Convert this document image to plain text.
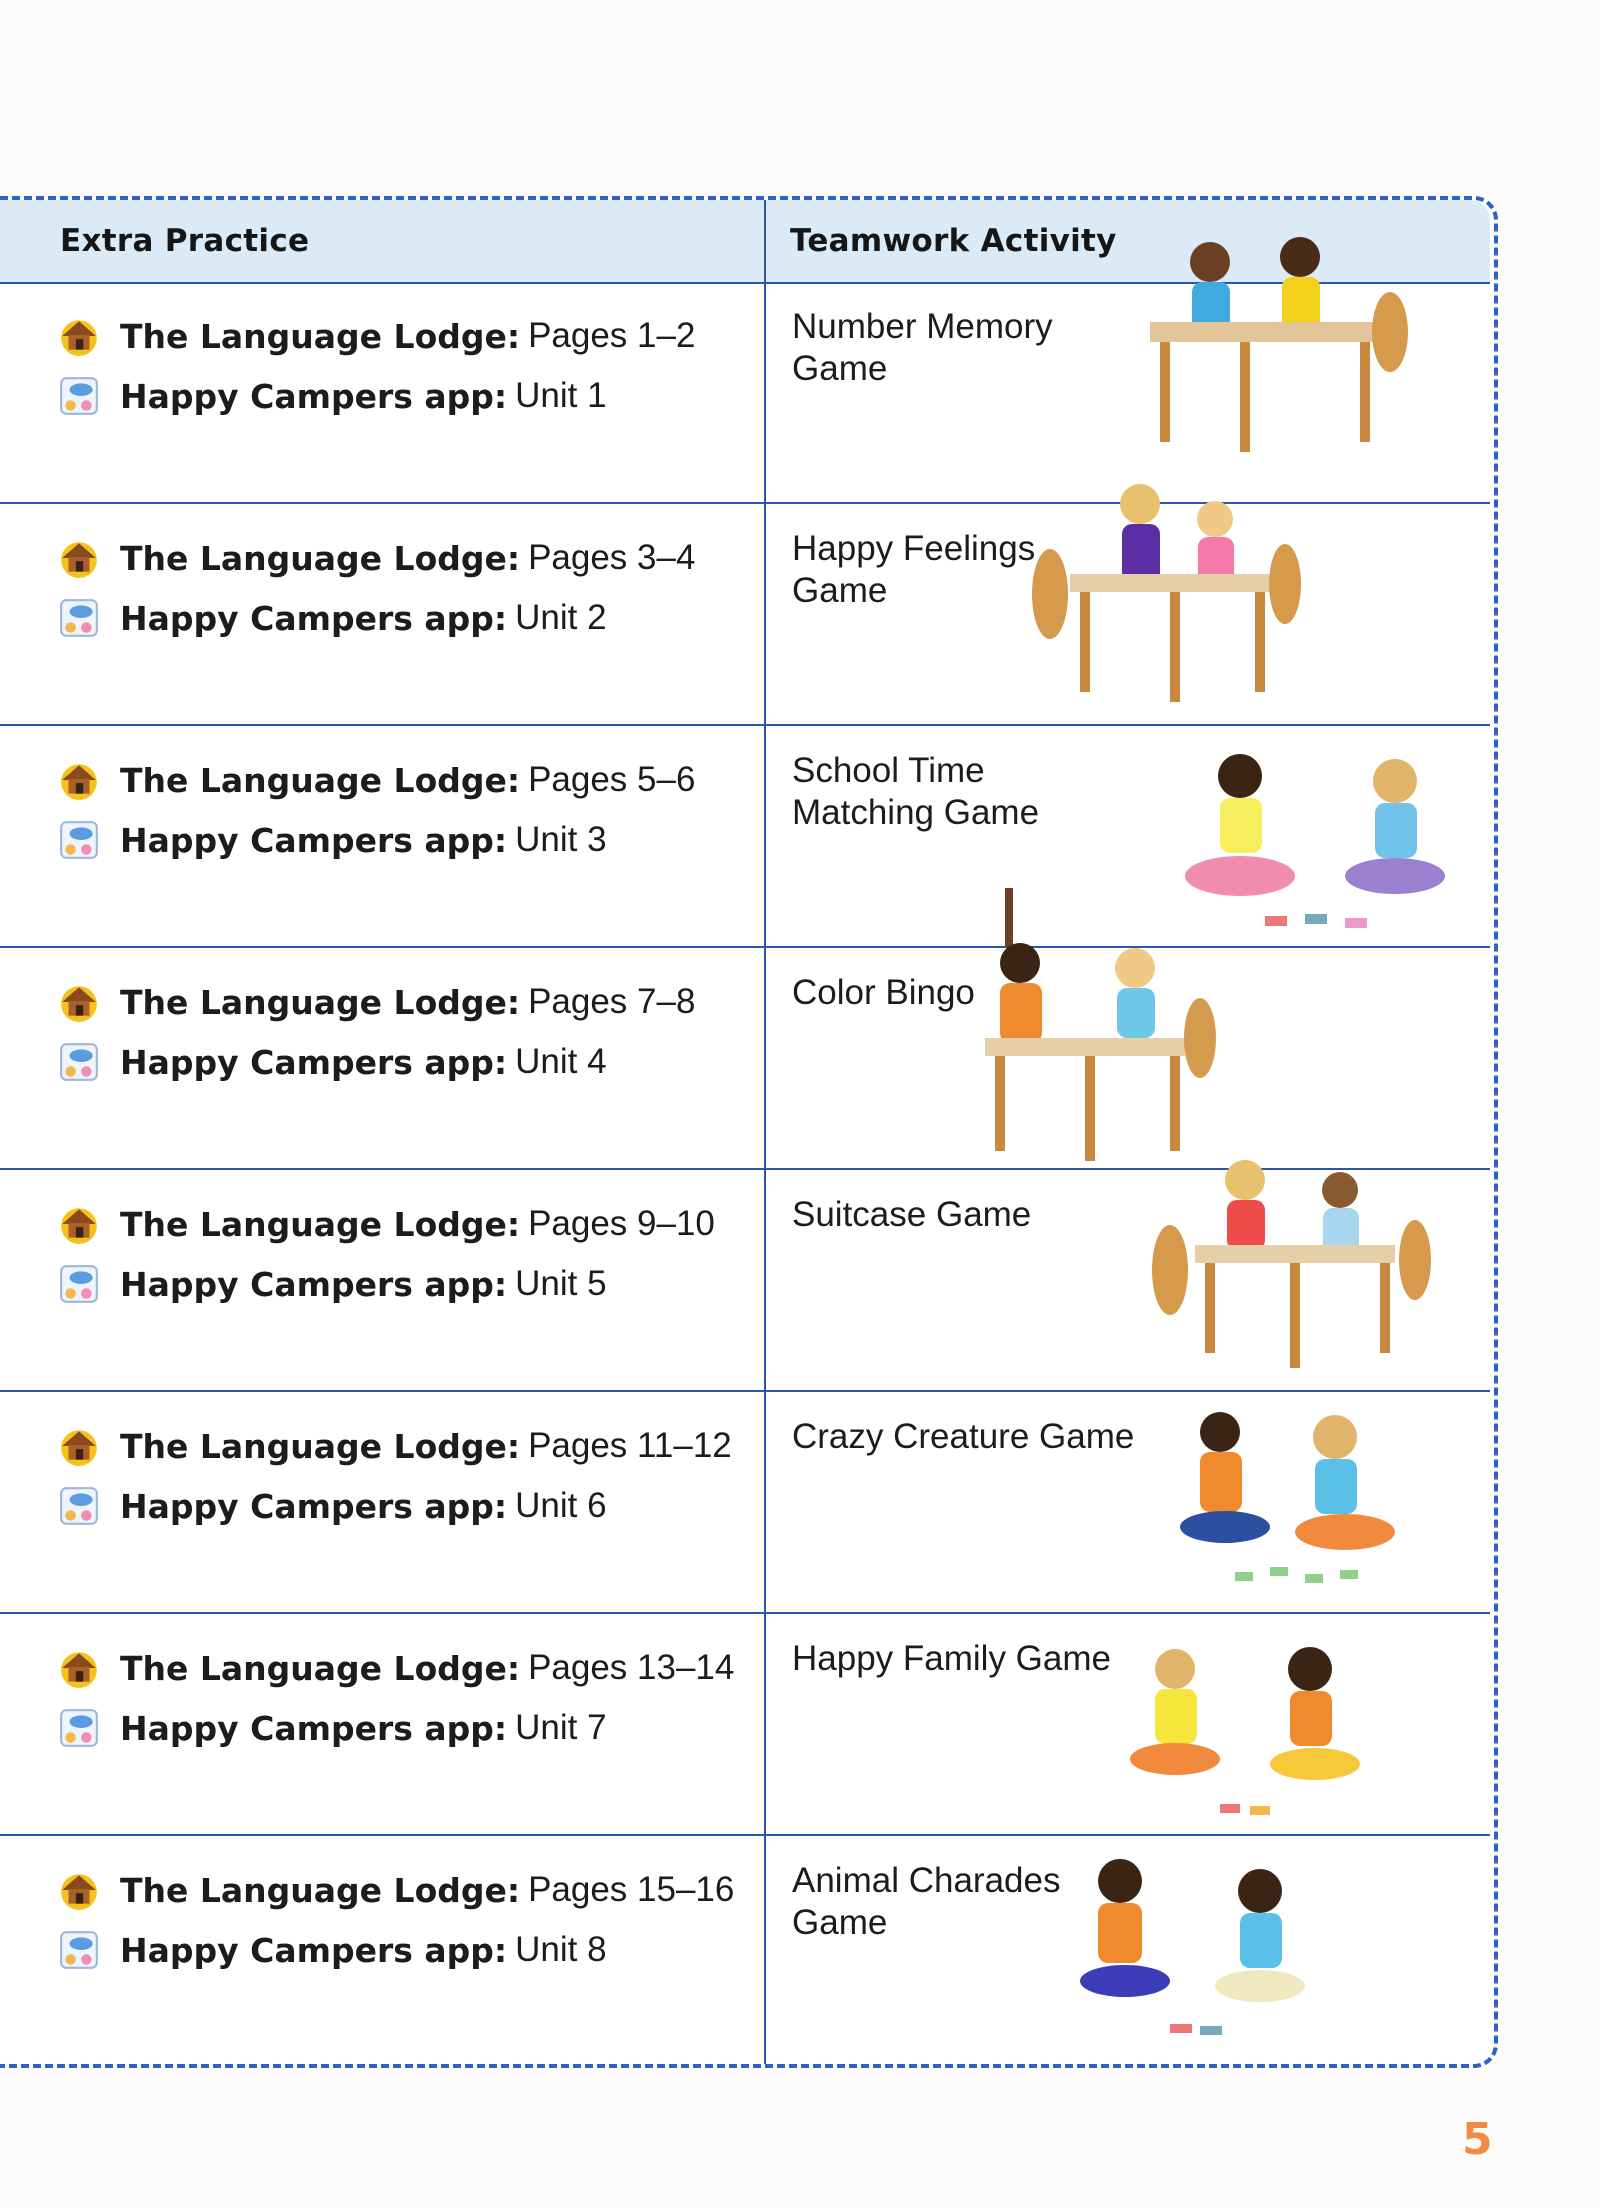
Extra Practice	Teamwork Activity
The Language Lodge: Pages 1–2
Happy Campers app: Unit 1
Number Memory Game
The Language Lodge: Pages 3–4
Happy Campers app: Unit 2
Happy Feelings Game
The Language Lodge: Pages 5–6
Happy Campers app: Unit 3
School Time Matching Game
The Language Lodge: Pages 7–8
Happy Campers app: Unit 4
Color Bingo
The Language Lodge: Pages 9–10
Happy Campers app: Unit 5
Suitcase Game
The Language Lodge: Pages 11–12
Happy Campers app: Unit 6
Crazy Creature Game
The Language Lodge: Pages 13–14
Happy Campers app: Unit 7
Happy Family Game
The Language Lodge: Pages 15–16
Happy Campers app: Unit 8
Animal Charades Game
5
